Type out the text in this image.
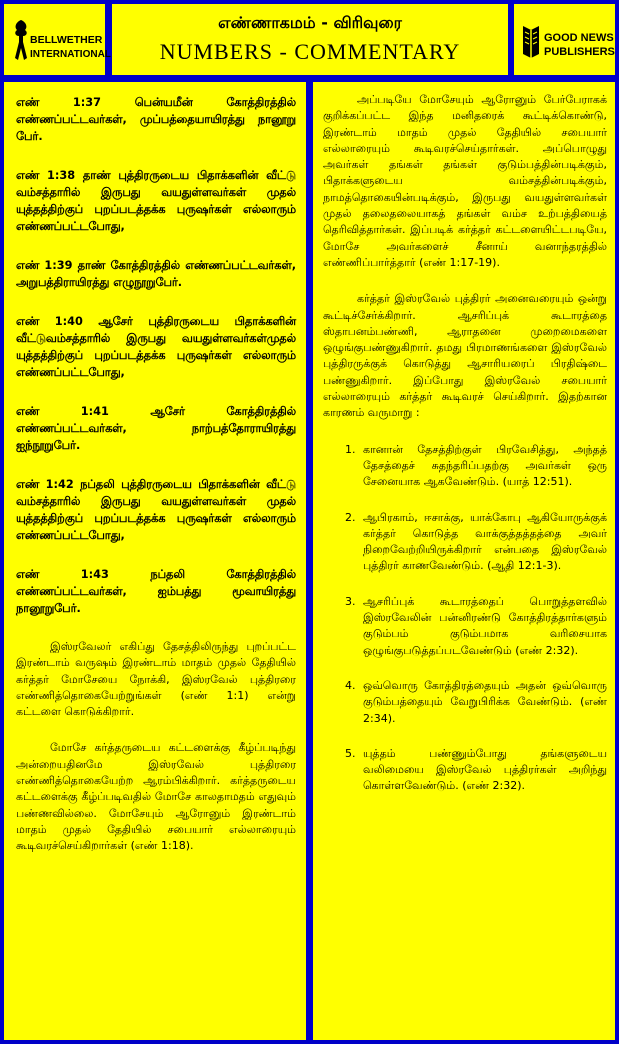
BELLWETHER
INTERNATIONAL
எண்ணாகமம் - விரிவுரை
NUMBERS - COMMENTARY
GOOD NEWS
PUBLISHERS

எண் 1:37 பென்யமீன் கோத்திரத்தில் எண்ணப்பட்டவர்கள், முப்பத்தையாயிரத்து நானூறு பேர்.

எண் 1:38 தாண் புத்திரருடைய பிதாக்களின் வீட்டு வம்சத்தாரில் இருபது வயதுள்ளவர்கள் முதல் யுத்தத்திற்குப் புறப்படத்தக்க புருஷர்கள் எல்லாரும் எண்ணப்பட்டபோது,

எண் 1:39 தாண் கோத்திரத்தில் எண்ணப்பட்டவர்கள், அறுபத்திராயிரத்து எழுநூறுபேர்.

எண் 1:40 ஆசேர் புத்திரருடைய பிதாக்களின் வீட்டுவம்சத்தாரில் இருபது வயதுள்ளவர்கள்முதல் யுத்தத்திற்குப் புறப்படத்தக்க புருஷர்கள் எல்லாரும் எண்ணப்பட்டபோது,

எண் 1:41 ஆசேர் கோத்திரத்தில் எண்ணப்பட்டவர்கள், நாற்பத்தோராயிரத்து ஐந்நூறுபேர்.

எண் 1:42 நப்தலி புத்திரருடைய பிதாக்களின் வீட்டு வம்சத்தாரில் இருபது வயதுள்ளவர்கள் முதல் யுத்தத்திற்குப் புறப்படத்தக்க புருஷர்கள் எல்லாரும் எண்ணப்பட்டபோது,

எண் 1:43 நப்தலி கோத்திரத்தில் எண்ணப்பட்டவர்கள், ஐம்பத்து மூவாயிரத்து நானூறுபேர்.

இஸ்ரவேலர் எகிப்து தேசத்திலிருந்து புறப்பட்ட இரண்டாம் வருஷம் இரண்டாம் மாதம் முதல் தேதியில் கர்த்தர் மோசேயை நோக்கி, இஸ்ரவேல் புத்திரரை எண்ணித்தொகையேற்றுங்கள் (எண் 1:1) என்று கட்டளை கொடுக்கிறார்.

மோசே கர்த்தருடைய கட்டளைக்கு கீழ்ப்படிந்து அன்றையதினமே இஸ்ரவேல் புத்திரரை எண்ணித்தொகையேற்ற ஆரம்பிக்கிறார். கர்த்தருடைய கட்டளைக்கு கீழ்ப்படிவதில் மோசே காலதாமதம் எதுவும் பண்ணவில்லை. மோசேயும் ஆரோனும் இரண்டாம் மாதம் முதல் தேதியில் சபையார் எல்லாரையும் கூடிவரச்செய்கிறார்கள் (எண் 1:18).

அப்படியே மோசேயும் ஆரோனும் பேர்பேராகக் குறிக்கப்பட்ட இந்த மனிதரைக் கூட்டிக்கொண்டு, இரண்டாம் மாதம் முதல் தேதியில் சபையார் எல்லாரையும் கூடிவரச்செய்தார்கள். அப்பொழுது அவர்கள் தங்கள் தங்கள் குடும்பத்தின்படிக்கும், பிதாக்களுடைய வம்சத்தின்படிக்கும், நாமத்தொகையின்படிக்கும், இருபது வயதுள்ளவர்கள் முதல் தலைதலையாகத் தங்கள் வம்ச உற்பத்தியைத் தெரிவித்தார்கள். இப்படிக் கர்த்தர் கட்டளையிட்டபடியே, மோசே அவர்களைச் சீனாய் வனாந்தரத்தில் எண்ணிப்பார்த்தார் (எண் 1:17-19).

கர்த்தர் இஸ்ரவேல் புத்திரர் அனைவரையும் ஒன்று கூட்டிச்சேர்க்கிறார். ஆசரிப்புக் கூடாரத்தை ஸ்தாபனம்பண்ணி, ஆராதனை முறைமைகளை ஒழுங்குபண்ணுகிறார். தமது பிரமாணங்களை இஸ்ரவேல் புத்திரருக்குக் கொடுத்து ஆசாரியரைப் பிரதிஷ்டை பண்ணுகிறார். இப்போது இஸ்ரவேல் சபையார் எல்லாரையும் கர்த்தர் கூடிவரச் செய்கிறார். இதற்கான காரணம் வருமாறு :

1. கானான் தேசத்திற்குள் பிரவேசித்து, அந்தத் தேசத்தைச் சுதந்தரிப்பதற்கு அவர்கள் ஒரு சேனையாக ஆகவேண்டும். (யாத் 12:51).
2. ஆபிரகாம், ஈசாக்கு, யாக்கோபு ஆகியோருக்குக் கர்த்தர் கொடுத்த வாக்குத்தத்தத்தை அவர் நிறைவேற்றியிருக்கிறார் என்பதை இஸ்ரவேல் புத்திரர் காணவேண்டும். (ஆதி 12:1-3).
3. ஆசரிப்புக் கூடாரத்தைப் பொறுத்தளவில் இஸ்ரவேலின் பன்னிரண்டு கோத்திரத்தார்களும் குடும்பம் குடும்பமாக வரிசையாக ஒழுங்குபடுத்தப்படவேண்டும் (எண் 2:32).
4. ஒவ்வொரு கோத்திரத்தையும் அதன் ஒவ்வொரு குடும்பத்தையும் வேறுபிரிக்க வேண்டும். (எண் 2:34).
5. யுத்தம் பண்ணும்போது தங்களுடைய வலிமையை இஸ்ரவேல் புத்திரர்கள் அறிந்து கொள்ளவேண்டும். (எண் 2:32).
